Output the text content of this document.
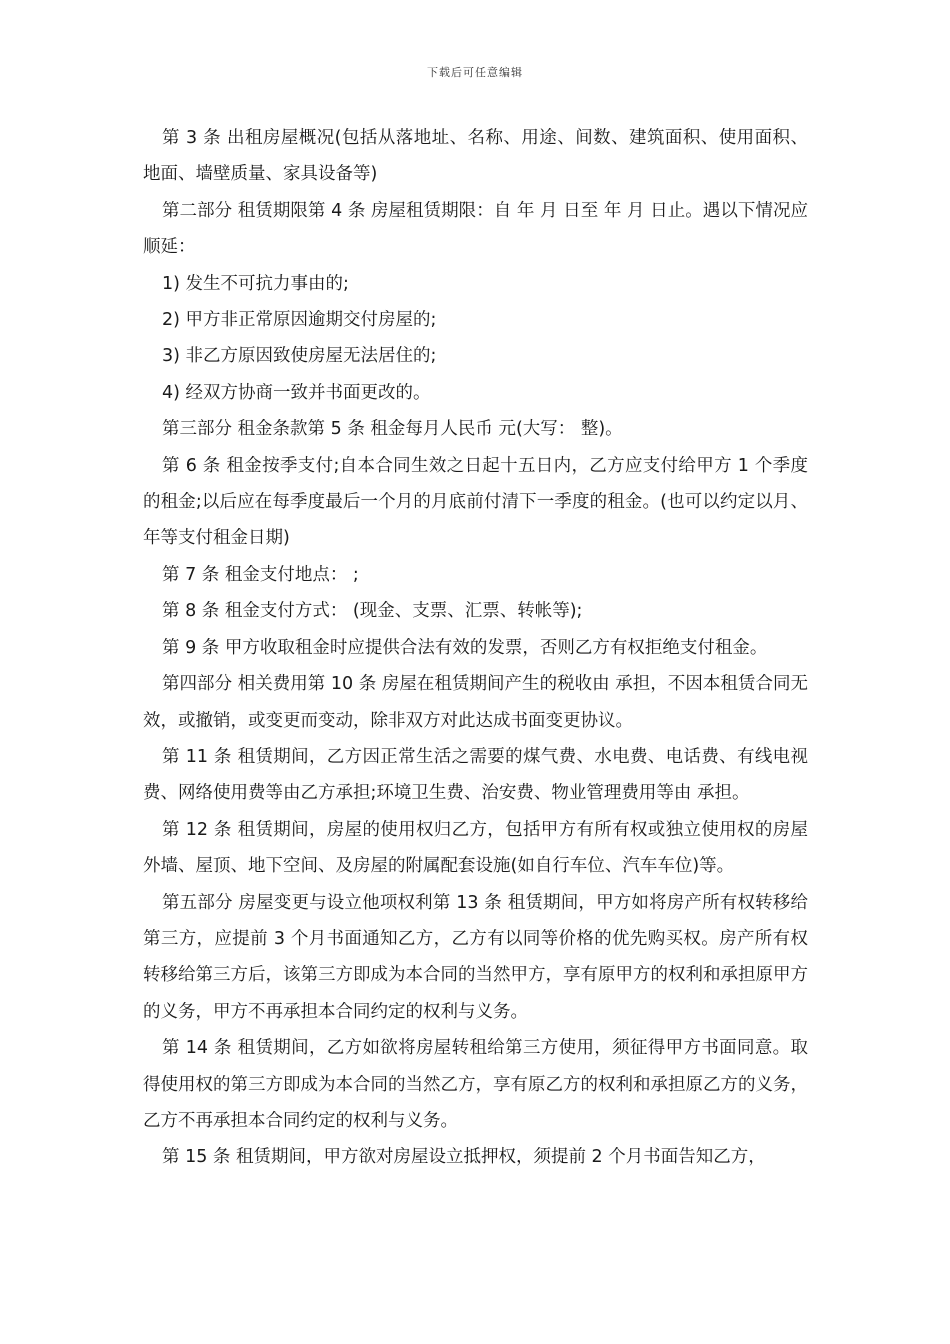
下载后可任意编辑

第 3 条 出租房屋概况(包括从落地址、名称、用途、间数、建筑面积、使用面积、地面、墙壁质量、家具设备等)

第二部分 租赁期限第 4 条 房屋租赁期限：自 年 月 日至 年 月 日止。遇以下情况应顺延：

1) 发生不可抗力事由的;

2) 甲方非正常原因逾期交付房屋的;

3) 非乙方原因致使房屋无法居住的;

4) 经双方协商一致并书面更改的。

第三部分 租金条款第 5 条 租金每月人民币 元(大写： 整)。

第 6 条 租金按季支付;自本合同生效之日起十五日内，乙方应支付给甲方 1 个季度的租金;以后应在每季度最后一个月的月底前付清下一季度的租金。(也可以约定以月、年等支付租金日期)

第 7 条 租金支付地点： ;

第 8 条 租金支付方式： (现金、支票、汇票、转帐等);

第 9 条 甲方收取租金时应提供合法有效的发票，否则乙方有权拒绝支付租金。

第四部分 相关费用第 10 条 房屋在租赁期间产生的税收由 承担，不因本租赁合同无效，或撤销，或变更而变动，除非双方对此达成书面变更协议。

第 11 条 租赁期间，乙方因正常生活之需要的煤气费、水电费、电话费、有线电视费、网络使用费等由乙方承担;环境卫生费、治安费、物业管理费用等由 承担。

第 12 条 租赁期间，房屋的使用权归乙方，包括甲方有所有权或独立使用权的房屋外墙、屋顶、地下空间、及房屋的附属配套设施(如自行车位、汽车车位)等。

第五部分 房屋变更与设立他项权利第 13 条 租赁期间，甲方如将房产所有权转移给第三方，应提前 3 个月书面通知乙方，乙方有以同等价格的优先购买权。房产所有权转移给第三方后，该第三方即成为本合同的当然甲方，享有原甲方的权利和承担原甲方的义务，甲方不再承担本合同约定的权利与义务。

第 14 条 租赁期间，乙方如欲将房屋转租给第三方使用，须征得甲方书面同意。取得使用权的第三方即成为本合同的当然乙方，享有原乙方的权利和承担原乙方的义务，乙方不再承担本合同约定的权利与义务。

第 15 条 租赁期间，甲方欲对房屋设立抵押权，须提前 2 个月书面告知乙方，
